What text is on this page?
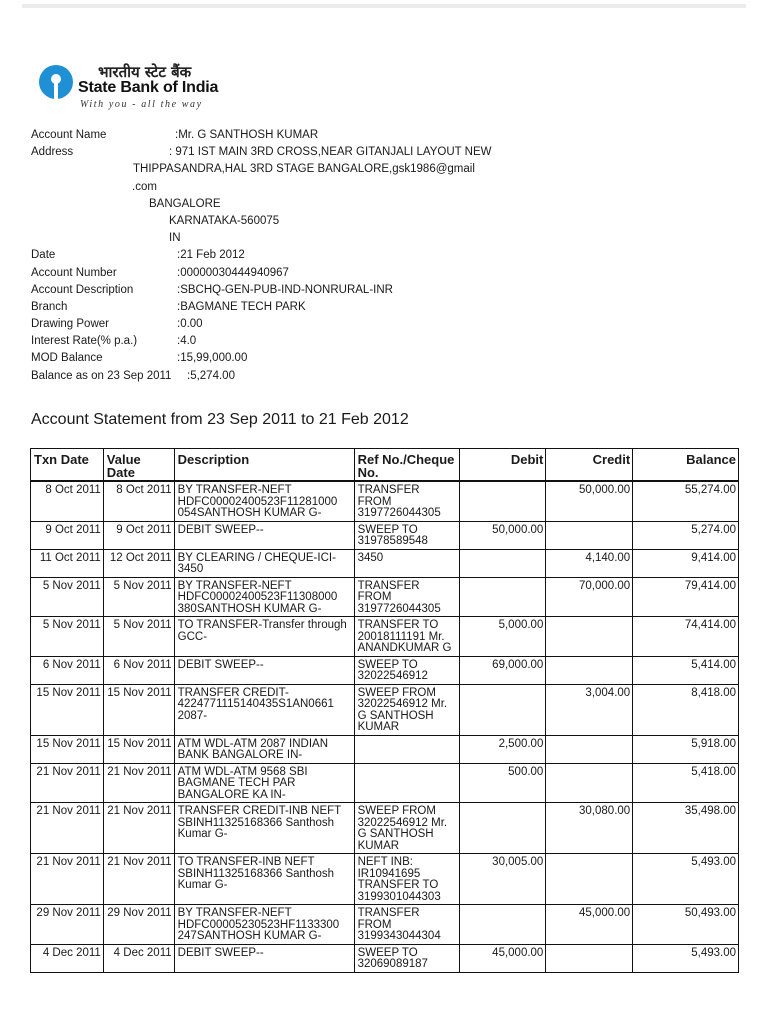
भारतीय स्टेट बैंक
State Bank of India
With you - all the way
Account Name	:Mr. G SANTHOSH KUMAR
Address	: 971 IST MAIN 3RD CROSS,NEAR GITANJALI LAYOUT NEW
THIPPASANDRA,HAL 3RD STAGE BANGALORE,gsk1986@gmail
.com
BANGALORE
KARNATAKA-560075
IN
Date	:21 Feb 2012
Account Number	:00000030444940967
Account Description	:SBCHQ-GEN-PUB-IND-NONRURAL-INR
Branch	:BAGMANE TECH PARK
Drawing Power	:0.00
Interest Rate(% p.a.)	:4.0
MOD Balance	:15,99,000.00
Balance as on 23 Sep 2011 :5,274.00
Account Statement from 23 Sep 2011 to 21 Feb 2012
Txn Date	Value Date	Description	Ref No./Cheque No.	Debit	Credit	Balance
8 Oct 2011	8 Oct 2011	BY TRANSFER-NEFT HDFC00002400523F11281000 054SANTHOSH KUMAR G-	TRANSFER FROM 3197726044305		50,000.00	55,274.00
9 Oct 2011	9 Oct 2011	DEBIT SWEEP--	SWEEP TO 31978589548	50,000.00		5,274.00
11 Oct 2011	12 Oct 2011	BY CLEARING / CHEQUE-ICI- 3450	3450		4,140.00	9,414.00
5 Nov 2011	5 Nov 2011	BY TRANSFER-NEFT HDFC00002400523F11308000 380SANTHOSH KUMAR G-	TRANSFER FROM 3197726044305		70,000.00	79,414.00
5 Nov 2011	5 Nov 2011	TO TRANSFER-Transfer through GCC-	TRANSFER TO 20018111191 Mr. ANANDKUMAR G	5,000.00		74,414.00
6 Nov 2011	6 Nov 2011	DEBIT SWEEP--	SWEEP TO 32022546912	69,000.00		5,414.00
15 Nov 2011	15 Nov 2011	TRANSFER CREDIT- 4224771115140435S1AN0661 2087-	SWEEP FROM 32022546912 Mr. G SANTHOSH KUMAR		3,004.00	8,418.00
15 Nov 2011	15 Nov 2011	ATM WDL-ATM 2087 INDIAN BANK BANGALORE IN-		2,500.00		5,918.00
21 Nov 2011	21 Nov 2011	ATM WDL-ATM 9568 SBI BAGMANE TECH PAR BANGALORE KA IN-		500.00		5,418.00
21 Nov 2011	21 Nov 2011	TRANSFER CREDIT-INB NEFT SBINH11325168366 Santhosh Kumar G-	SWEEP FROM 32022546912 Mr. G SANTHOSH KUMAR		30,080.00	35,498.00
21 Nov 2011	21 Nov 2011	TO TRANSFER-INB NEFT SBINH11325168366 Santhosh Kumar G-	NEFT INB: IR10941695 TRANSFER TO 3199301044303	30,005.00		5,493.00
29 Nov 2011	29 Nov 2011	BY TRANSFER-NEFT HDFC00005230523HF1133300 247SANTHOSH KUMAR G-	TRANSFER FROM 3199343044304		45,000.00	50,493.00
4 Dec 2011	4 Dec 2011	DEBIT SWEEP--	SWEEP TO 32069089187	45,000.00		5,493.00
